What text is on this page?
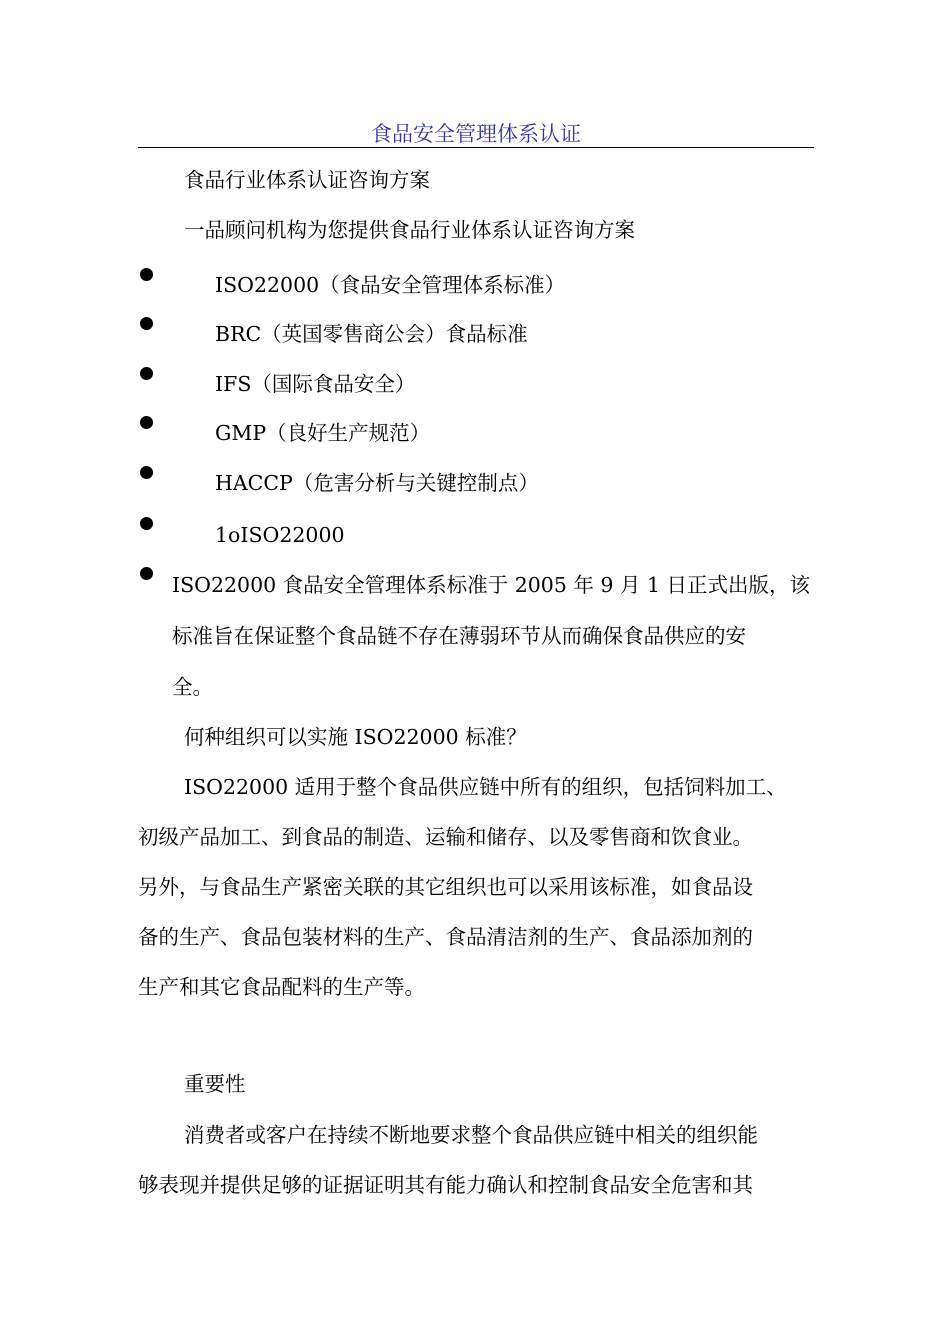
食品安全管理体系认证
食品行业体系认证咨询方案
一品顾问机构为您提供食品行业体系认证咨询方案
ISO22000（食品安全管理体系标准）
BRC（英国零售商公会）食品标准
IFS（国际食品安全）
GMP（良好生产规范）
HACCP（危害分析与关键控制点）
1oISO22000
ISO22000 食品安全管理体系标准于 2005 年 9 月 1 日正式出版，该
标准旨在保证整个食品链不存在薄弱环节从而确保食品供应的安
全。
何种组织可以实施 ISO22000 标准？
ISO22000 适用于整个食品供应链中所有的组织，包括饲料加工、
初级产品加工、到食品的制造、运输和储存、以及零售商和饮食业。
另外，与食品生产紧密关联的其它组织也可以采用该标准，如食品设
备的生产、食品包装材料的生产、食品清洁剂的生产、食品添加剂的
生产和其它食品配料的生产等。
重要性
消费者或客户在持续不断地要求整个食品供应链中相关的组织能
够表现并提供足够的证据证明其有能力确认和控制食品安全危害和其
